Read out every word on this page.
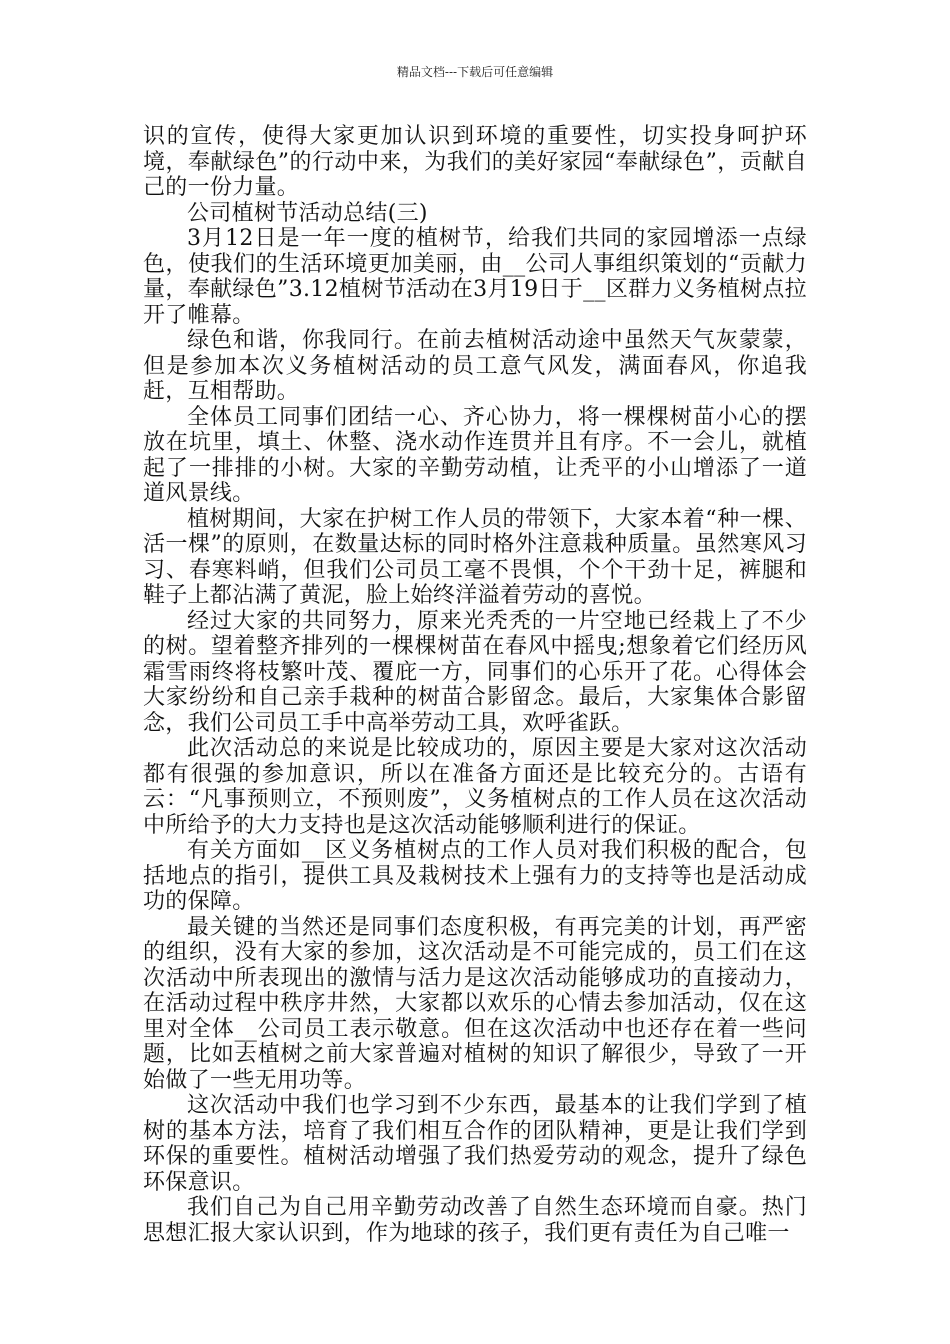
精品文档---下载后可任意编辑

识的宣传，使得大家更加认识到环境的重要性，切实投身呵护环境，奉献绿色”的行动中来，为我们的美好家园“奉献绿色”，贡献自己的一份力量。

公司植树节活动总结(三)

3月12日是一年一度的植树节，给我们共同的家园增添一点绿色，使我们的生活环境更加美丽，由__公司人事组织策划的“贡献力量，奉献绿色”3.12植树节活动在3月19日于__区群力义务植树点拉开了帷幕。

绿色和谐，你我同行。在前去植树活动途中虽然天气灰蒙蒙，但是参加本次义务植树活动的员工意气风发，满面春风，你追我赶，互相帮助。

全体员工同事们团结一心、齐心协力，将一棵棵树苗小心的摆放在坑里，填土、休整、浇水动作连贯并且有序。不一会儿，就植起了一排排的小树。大家的辛勤劳动植，让秃平的小山增添了一道道风景线。

植树期间，大家在护树工作人员的带领下，大家本着“种一棵、活一棵”的原则，在数量达标的同时格外注意栽种质量。虽然寒风习习、春寒料峭，但我们公司员工毫不畏惧，个个干劲十足，裤腿和鞋子上都沾满了黄泥，脸上始终洋溢着劳动的喜悦。

经过大家的共同努力，原来光秃秃的一片空地已经栽上了不少的树。望着整齐排列的一棵棵树苗在春风中摇曳;想象着它们经历风霜雪雨终将枝繁叶茂、覆庇一方，同事们的心乐开了花。心得体会大家纷纷和自己亲手栽种的树苗合影留念。最后，大家集体合影留念，我们公司员工手中高举劳动工具，欢呼雀跃。

此次活动总的来说是比较成功的，原因主要是大家对这次活动都有很强的参加意识，所以在准备方面还是比较充分的。古语有云：“凡事预则立，不预则废”，义务植树点的工作人员在这次活动中所给予的大力支持也是这次活动能够顺利进行的保证。

有关方面如__区义务植树点的工作人员对我们积极的配合，包括地点的指引，提供工具及栽树技术上强有力的支持等也是活动成功的保障。

最关键的当然还是同事们态度积极，有再完美的计划，再严密的组织，没有大家的参加，这次活动是不可能完成的，员工们在这次活动中所表现出的激情与活力是这次活动能够成功的直接动力，在活动过程中秩序井然，大家都以欢乐的心情去参加活动，仅在这里对全体__公司员工表示敬意。但在这次活动中也还存在着一些问题，比如去植树之前大家普遍对植树的知识了解很少，导致了一开始做了一些无用功等。

这次活动中我们也学习到不少东西，最基本的让我们学到了植树的基本方法，培育了我们相互合作的团队精神，更是让我们学到环保的重要性。植树活动增强了我们热爱劳动的观念，提升了绿色环保意识。

我们自己为自己用辛勤劳动改善了自然生态环境而自豪。热门思想汇报大家认识到，作为地球的孩子，我们更有责任为自己唯一
